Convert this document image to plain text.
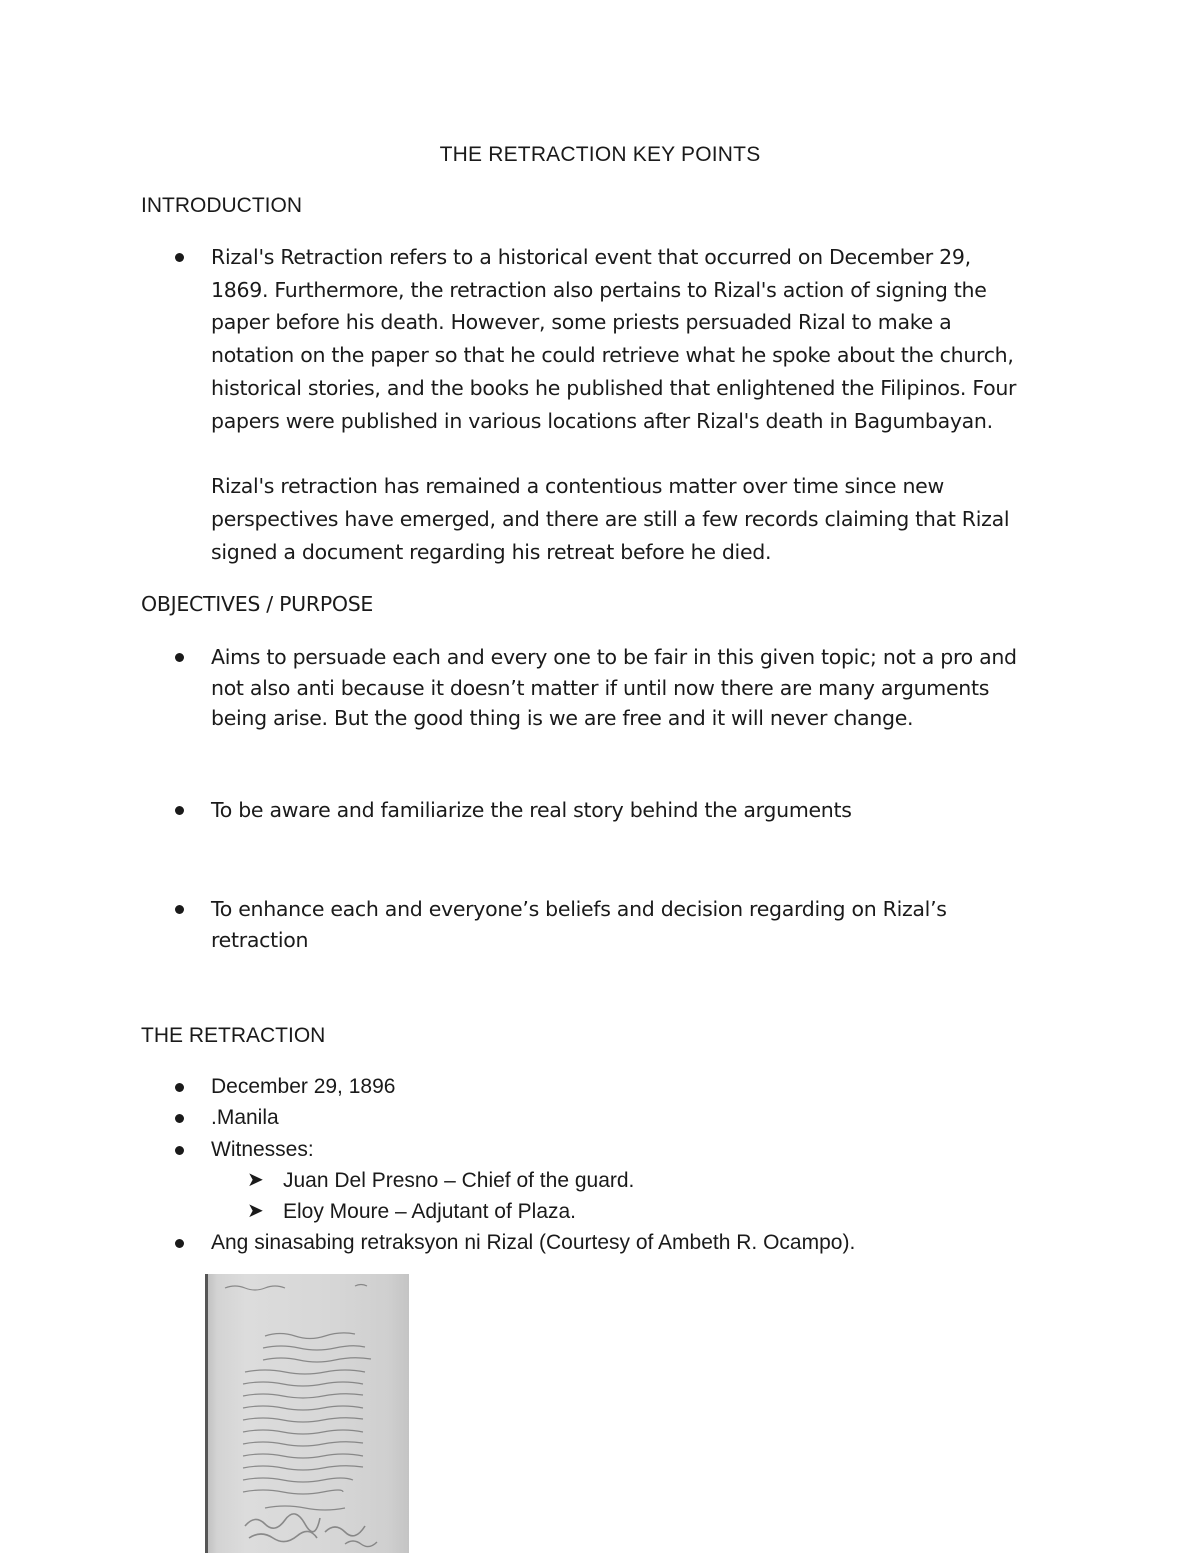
THE RETRACTION KEY POINTS
INTRODUCTION
Rizal's Retraction refers to a historical event that occurred on December 29,
1869. Furthermore, the retraction also pertains to Rizal's action of signing the
paper before his death. However, some priests persuaded Rizal to make a
notation on the paper so that he could retrieve what he spoke about the church,
historical stories, and the books he published that enlightened the Filipinos. Four
papers were published in various locations after Rizal's death in Bagumbayan.
Rizal's retraction has remained a contentious matter over time since new
perspectives have emerged, and there are still a few records claiming that Rizal
signed a document regarding his retreat before he died.
OBJECTIVES / PURPOSE
Aims to persuade each and every one to be fair in this given topic; not a pro and
not also anti because it doesn’t matter if until now there are many arguments
being arise. But the good thing is we are free and it will never change.
To be aware and familiarize the real story behind the arguments
To enhance each and everyone’s beliefs and decision regarding on Rizal’s
retraction
THE RETRACTION
December 29, 1896
.Manila
Witnesses:
➤ Juan Del Presno – Chief of the guard.
➤ Eloy Moure – Adjutant of Plaza.
Ang sinasabing retraksyon ni Rizal (Courtesy of Ambeth R. Ocampo).
